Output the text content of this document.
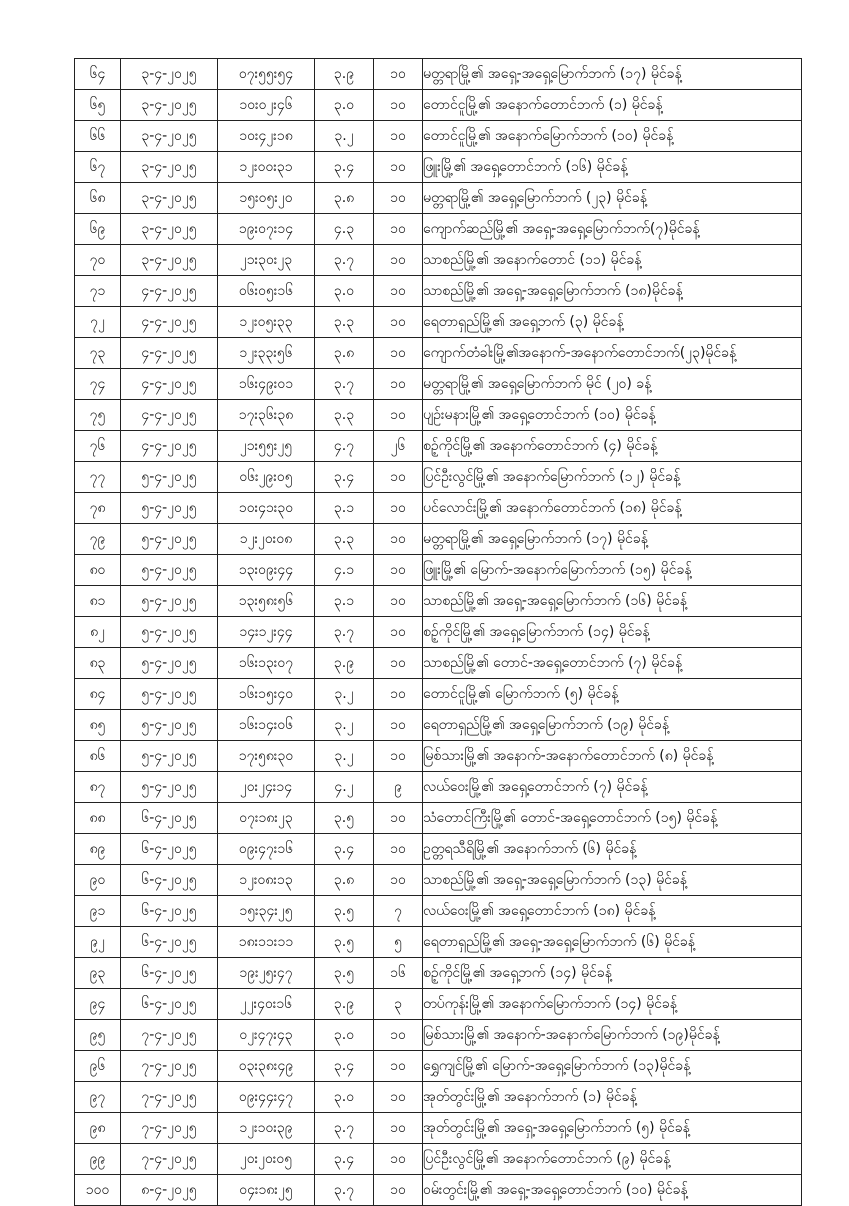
၆၄	၃-၄-၂၀၂၅	၀၇း၅၅း၅၄	၃.၉	၁၀	မတ္တရာမြို့၏ အရှေ့-အရှေ့မြောက်ဘက် (၁၇) မိုင်ခန့်
၆၅	၃-၄-၂၀၂၅	၁၀း၀၂း၄၆	၃.၀	၁၀	တောင်ငူမြို့၏ အနောက်တောင်ဘက် (၁) မိုင်ခန့်
၆၆	၃-၄-၂၀၂၅	၁၀း၄၂း၁၈	၃.၂	၁၀	တောင်ငူမြို့၏ အနောက်မြောက်ဘက် (၁၀) မိုင်ခန့်
၆၇	၃-၄-၂၀၂၅	၁၂း၀၀း၃၁	၃.၄	၁၀	ဖြူးမြို့၏ အရှေ့တောင်ဘက် (၁၆) မိုင်ခန့်
၆၈	၃-၄-၂၀၂၅	၁၅း၀၅း၂၀	၃.၈	၁၀	မတ္တရာမြို့၏ အရှေ့မြောက်ဘက် (၂၃) မိုင်ခန့်
၆၉	၃-၄-၂၀၂၅	၁၉း၀၇း၁၄	၄.၃	၁၀	ကျောက်ဆည်မြို့၏ အရှေ့-အရှေ့မြောက်ဘက်(၇)မိုင်ခန့်
၇၀	၃-၄-၂၀၂၅	၂၁း၃၀း၂၃	၃.၇	၁၀	သာစည်မြို့၏ အနောက်တောင် (၁၁) မိုင်ခန့်
၇၁	၄-၄-၂၀၂၅	၀၆း၀၅း၁၆	၃.၀	၁၀	သာစည်မြို့၏ အရှေ့-အရှေ့မြောက်ဘက် (၁၈)မိုင်ခန့်
၇၂	၄-၄-၂၀၂၅	၁၂း၀၅း၃၃	၃.၃	၁၀	ရေတာရှည်မြို့၏ အရှေ့ဘက် (၃) မိုင်ခန့်
၇၃	၄-၄-၂၀၂၅	၁၂း၃၃း၅၆	၃.၈	၁၀	ကျောက်တံခါးမြို့၏အနောက်-အနောက်တောင်ဘက်(၂၃)မိုင်ခန့်
၇၄	၄-၄-၂၀၂၅	၁၆း၄၉း၀၁	၃.၇	၁၀	မတ္တရာမြို့၏ အရှေ့မြောက်ဘက် မိုင် (၂၀) ခန့်
၇၅	၄-၄-၂၀၂၅	၁၇း၃၆း၃၈	၃.၃	၁၀	ပျဉ်းမနားမြို့၏ အရှေ့တောင်ဘက် (၁၀) မိုင်ခန့်
၇၆	၄-၄-၂၀၂၅	၂၁း၅၅း၂၅	၄.၇	၂၆	စဉ့်ကိုင်မြို့၏ အနောက်တောင်ဘက် (၄) မိုင်ခန့်
၇၇	၅-၄-၂၀၂၅	၀၆း၂၉း၀၅	၃.၄	၁၀	ပြင်ဦးလွင်မြို့၏ အနောက်မြောက်ဘက် (၁၂) မိုင်ခန့်
၇၈	၅-၄-၂၀၂၅	၁၀း၄၁း၃၀	၃.၁	၁၀	ပင်လောင်းမြို့၏ အနောက်တောင်ဘက် (၁၈) မိုင်ခန့်
၇၉	၅-၄-၂၀၂၅	၁၂း၂၀း၀၈	၃.၃	၁၀	မတ္တရာမြို့၏ အရှေ့မြောက်ဘက် (၁၇) မိုင်ခန့်
၈၀	၅-၄-၂၀၂၅	၁၃း၀၉း၄၄	၄.၁	၁၀	ဖြူးမြို့၏ မြောက်-အနောက်မြောက်ဘက် (၁၅) မိုင်ခန့်
၈၁	၅-၄-၂၀၂၅	၁၃း၅၈း၅၆	၃.၁	၁၀	သာစည်မြို့၏ အရှေ့-အရှေ့မြောက်ဘက် (၁၆) မိုင်ခန့်
၈၂	၅-၄-၂၀၂၅	၁၄း၁၂း၄၄	၃.၇	၁၀	စဉ့်ကိုင်မြို့၏ အရှေ့မြောက်ဘက် (၁၄) မိုင်ခန့်
၈၃	၅-၄-၂၀၂၅	၁၆း၁၃း၀၇	၃.၉	၁၀	သာစည်မြို့၏ တောင်-အရှေ့တောင်ဘက် (၇) မိုင်ခန့်
၈၄	၅-၄-၂၀၂၅	၁၆း၁၅း၄၀	၃.၂	၁၀	တောင်ငူမြို့၏ မြောက်ဘက် (၅) မိုင်ခန့်
၈၅	၅-၄-၂၀၂၅	၁၆း၁၄း၀၆	၃.၂	၁၀	ရေတာရှည်မြို့၏ အရှေ့မြောက်ဘက် (၁၉) မိုင်ခန့်
၈၆	၅-၄-၂၀၂၅	၁၇း၅၈း၃၀	၃.၂	၁၀	မြစ်သားမြို့၏ အနောက်-အနောက်တောင်ဘက် (၈) မိုင်ခန့်
၈၇	၅-၄-၂၀၂၅	၂၀း၂၄း၁၄	၄.၂	၉	လယ်ဝေးမြို့၏ အရှေ့တောင်ဘက် (၇) မိုင်ခန့်
၈၈	၆-၄-၂၀၂၅	၀၇း၁၈း၂၃	၃.၅	၁၀	သံတောင်ကြီးမြို့၏ တောင်-အရှေ့တောင်ဘက် (၁၅) မိုင်ခန့်
၈၉	၆-၄-၂၀၂၅	၀၉း၄၇း၁၆	၃.၄	၁၀	ဥတ္တရသီရိမြို့၏ အနောက်ဘက် (၆) မိုင်ခန့်
၉၀	၆-၄-၂၀၂၅	၁၂း၀၈း၁၃	၃.၈	၁၀	သာစည်မြို့၏ အရှေ့-အရှေ့မြောက်ဘက် (၁၃) မိုင်ခန့်
၉၁	၆-၄-၂၀၂၅	၁၅း၃၄း၂၅	၃.၅	၇	လယ်ဝေးမြို့၏ အရှေ့တောင်ဘက် (၁၈) မိုင်ခန့်
၉၂	၆-၄-၂၀၂၅	၁၈း၁၁း၁၁	၃.၅	၅	ရေတာရှည်မြို့၏ အရှေ့-အရှေ့မြောက်ဘက် (၆) မိုင်ခန့်
၉၃	၆-၄-၂၀၂၅	၁၉း၂၅း၄၇	၃.၅	၁၆	စဉ့်ကိုင်မြို့၏ အရှေ့ဘက် (၁၄) မိုင်ခန့်
၉၄	၆-၄-၂၀၂၅	၂၂း၄၀း၁၆	၃.၉	၃	တပ်ကုန်းမြို့၏ အနောက်မြောက်ဘက် (၁၄) မိုင်ခန့်
၉၅	၇-၄-၂၀၂၅	၀၂း၄၇း၄၃	၃.၀	၁၀	မြစ်သားမြို့၏ အနောက်-အနောက်မြောက်ဘက် (၁၉)မိုင်ခန့်
၉၆	၇-၄-၂၀၂၅	၀၃း၃၈း၄၉	၃.၄	၁၀	ရွှေကျင်မြို့၏ မြောက်-အရှေ့မြောက်ဘက် (၁၃)မိုင်ခန့်
၉၇	၇-၄-၂၀၂၅	၀၉း၄၄း၄၇	၃.၀	၁၀	အုတ်တွင်းမြို့၏ အနောက်ဘက် (၁) မိုင်ခန့်
၉၈	၇-၄-၂၀၂၅	၁၂း၁၀း၃၉	၃.၇	၁၀	အုတ်တွင်းမြို့၏ အရှေ့-အရှေ့မြောက်ဘက် (၅) မိုင်ခန့်
၉၉	၇-၄-၂၀၂၅	၂၀း၂၀း၀၅	၃.၄	၁၀	ပြင်ဦးလွင်မြို့၏ အနောက်တောင်ဘက် (၉) မိုင်ခန့်
၁၀၀	၈-၄-၂၀၂၅	၀၄း၁၈း၂၅	၃.၇	၁၀	ဝမ်းတွင်းမြို့၏ အရှေ့-အရှေ့တောင်ဘက် (၁၀) မိုင်ခန့်
